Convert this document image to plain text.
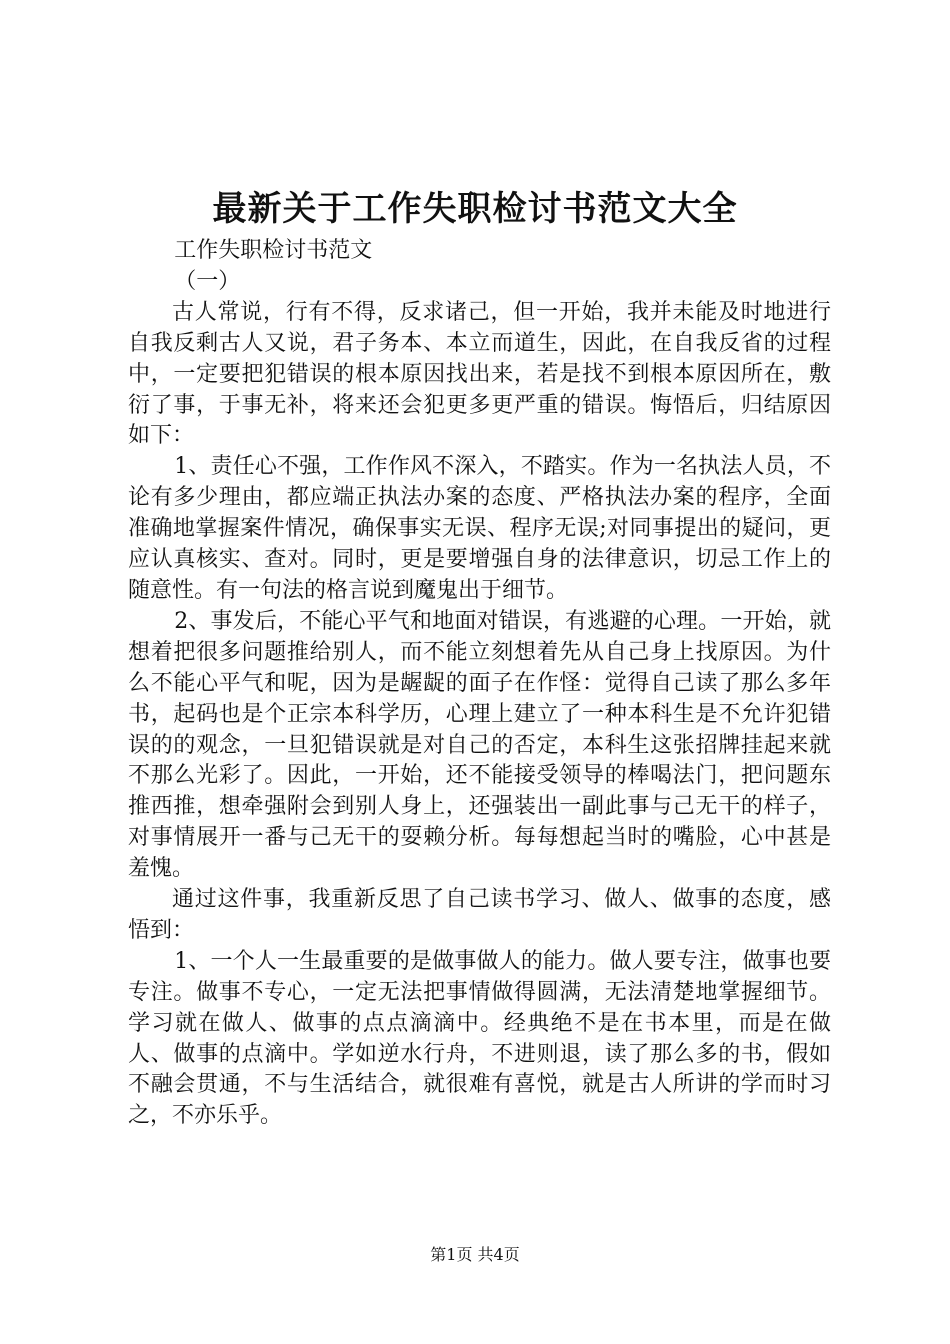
最新关于工作失职检讨书范文大全

工作失职检讨书范文

（一）

古人常说，行有不得，反求诸己，但一开始，我并未能及时地进行自我反剩古人又说，君子务本、本立而道生，因此，在自我反省的过程中，一定要把犯错误的根本原因找出来，若是找不到根本原因所在，敷衍了事，于事无补，将来还会犯更多更严重的错误。悔悟后，归结原因如下：

1、责任心不强，工作作风不深入，不踏实。作为一名执法人员，不论有多少理由，都应端正执法办案的态度、严格执法办案的程序，全面准确地掌握案件情况，确保事实无误、程序无误;对同事提出的疑问，更应认真核实、查对。同时，更是要增强自身的法律意识，切忌工作上的随意性。有一句法的格言说到魔鬼出于细节。

2、事发后，不能心平气和地面对错误，有逃避的心理。一开始，就想着把很多问题推给别人，而不能立刻想着先从自己身上找原因。为什么不能心平气和呢，因为是龌龊的面子在作怪：觉得自己读了那么多年书，起码也是个正宗本科学历，心理上建立了一种本科生是不允许犯错误的的观念，一旦犯错误就是对自己的否定，本科生这张招牌挂起来就不那么光彩了。因此，一开始，还不能接受领导的棒喝法门，把问题东推西推，想牵强附会到别人身上，还强装出一副此事与己无干的样子，对事情展开一番与己无干的耍赖分析。每每想起当时的嘴脸，心中甚是羞愧。

通过这件事，我重新反思了自己读书学习、做人、做事的态度，感悟到：

1、一个人一生最重要的是做事做人的能力。做人要专注，做事也要专注。做事不专心，一定无法把事情做得圆满，无法清楚地掌握细节。学习就在做人、做事的点点滴滴中。经典绝不是在书本里，而是在做人、做事的点滴中。学如逆水行舟，不进则退，读了那么多的书，假如不融会贯通，不与生活结合，就很难有喜悦，就是古人所讲的学而时习之，不亦乐乎。

第1页 共4页
